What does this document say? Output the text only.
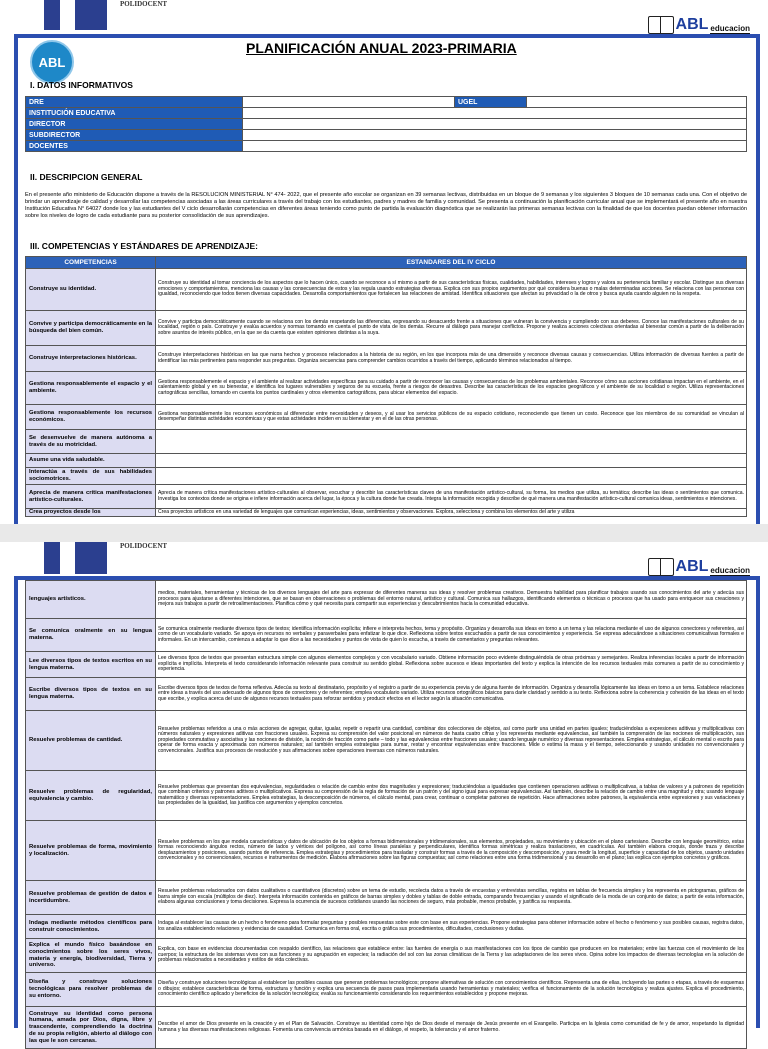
POLIDOCENT
ABL educacion
ABL
PLANIFICACIÓN ANUAL 2023-PRIMARIA
I. DATOS INFORMATIVOS
DRE		UGEL	
INSTITUCIÓN EDUCATIVA			
DIRECTOR			
SUBDIRECTOR			
DOCENTES			
II. DESCRIPCION GENERAL
En el presente año ministerio de Educación dispone a través de la RESOLUCION MINISTERIAL N° 474- 2022, que el presente año escolar se organizan en 39 semanas lectivas, distribuidas en un bloque de 9 semanas y los siguientes 3 bloques de 10 semanas cada una. Con el objetivo de brindar un aprendizaje de calidad y desarrollar las competencias asociadas a las áreas curriculares a través del trabajo con los estudiantes, padres y madres de familia y comunidad. Se presenta a continuación la planificación curricular anual que se implementará el presente año en nuestra Institución Educativa N° 64027 donde los y las estudiantes del V ciclo desarrollarán competencias en diferentes áreas teniendo como punto de partida la evaluación diagnóstica que se realizarán las primeras semanas lectivas con la finalidad de que los docentes puedan obtener información sobre los niveles de logro de cada estudiante para su posterior consolidación de sus aprendizajes.
III. COMPETENCIAS Y ESTÁNDARES DE APRENDIZAJE:
COMPETENCIAS	ESTANDARES DEL IV CICLO
Construye su identidad.	Construye su identidad al tomar conciencia de los aspectos que lo hacen único, cuando se reconoce a sí mismo a partir de sus características físicas, cualidades, habilidades, intereses y logros y valora su pertenencia familiar y escolar. Distingue sus diversas emociones y comportamientos, menciona las causas y las consecuencias de estos y las regula usando estrategias diversas. Explica con sus propios argumentos por qué considera buenas o malas determinadas acciones. Se relaciona con las personas con igualdad, reconociendo que todos tienen diversas capacidades. Desarrolla comportamientos que fortalecen las relaciones de amistad. Identifica situaciones que afectan su privacidad o la de otros y busca ayuda cuando alguien no la respeta.
Convive y participa democráticamente en la búsqueda del bien común.	Convive y participa democráticamente cuando se relaciona con los demás respetando las diferencias, expresando su desacuerdo frente a situaciones que vulneran la convivencia y cumpliendo con sus deberes. Conoce las manifestaciones culturales de su localidad, región o país. Construye y evalúa acuerdos y normas tomando en cuenta el punto de vista de los demás. Recurre al diálogo para manejar conflictos. Propone y realiza acciones colectivas orientadas al bienestar común a partir de la deliberación sobre asuntos de interés público, en la que se da cuenta que existen opiniones distintas a la suya.
Construye interpretaciones históricas.	Construye interpretaciones históricas en las que narra hechos y procesos relacionados a la historia de su región, en los que incorpora más de una dimensión y reconoce diversas causas y consecuencias. Utiliza información de diversas fuentes a partir de identificar las más pertinentes para responder sus preguntas. Organiza secuencias para comprender cambios ocurridos a través del tiempo, aplicando términos relacionados al tiempo.
Gestiona responsablemente el espacio y el ambiente.	Gestiona responsablemente el espacio y el ambiente al realizar actividades específicas para su cuidado a partir de reconocer las causas y consecuencias de los problemas ambientales. Reconoce cómo sus acciones cotidianas impactan en el ambiente, en el calentamiento global y en su bienestar, e identifica los lugares vulnerables y seguros de su escuela, frente a riesgos de desastres. Describe las características de los espacios geográficos y el ambiente de su localidad o región. Utiliza representaciones cartográficas sencillas, tomando en cuenta los puntos cardinales y otros elementos cartográficos, para ubicar elementos del espacio.
Gestiona responsablemente los recursos económicos.	Gestiona responsablemente los recursos económicos al diferenciar entre necesidades y deseos, y al usar los servicios públicos de su espacio cotidiano, reconociendo que tienen un costo. Reconoce que los miembros de su comunidad se vinculan al desempeñar distintas actividades económicas y que estas actividades inciden en su bienestar y en el de las otras personas.
Se desenvuelve de manera autónoma a través de su motricidad.	
Asume una vida saludable.	
Interactúa a través de sus habilidades sociomotrices.	
Aprecia de manera crítica manifestaciones artístico-culturales.	Aprecia de manera crítica manifestaciones artístico-culturales al observar, escuchar y describir las características claves de una manifestación artístico-cultural, su forma, los medios que utiliza, su temática; describe las ideas o sentimientos que comunica. Investiga los contextos donde se origina e infiere información acerca del lugar, la época y la cultura donde fue creada. Integra la información recogida y describe de qué manera una manifestación artístico-cultural comunica ideas, sentimientos e intenciones.
Crea proyectos desde los	Crea proyectos artísticos en una variedad de lenguajes que comunican experiencias, ideas, sentimientos y observaciones. Explora, selecciona y combina los elementos del arte y utiliza
POLIDOCENT
ABL educacion
lenguajes artísticos.	medios, materiales, herramientas y técnicas de los diversos lenguajes del arte para expresar de diferentes maneras sus ideas y resolver problemas creativos. Demuestra habilidad para planificar trabajos usando sus conocimientos del arte y adecúa sus procesos para ajustarse a diferentes intenciones, que se basan en observaciones o problemas del entorno natural, artístico y cultural. Comunica sus hallazgos, identificando elementos o técnicas o procesos que ha usado para enriquecer sus creaciones y mejora sus trabajos a partir de retroalimentaciones. Planifica cómo y qué necesita para compartir sus experiencias y descubrimientos hacia la comunidad educativa.
Se comunica oralmente en su lengua materna.	Se comunica oralmente mediante diversos tipos de textos; identifica información explícita; infiere e interpreta hechos, tema y propósito. Organiza y desarrolla sus ideas en torno a un tema y las relaciona mediante el uso de algunos conectores y referentes, así como de un vocabulario variado. Se apoya en recursos no verbales y paraverbales para enfatizar lo que dice. Reflexiona sobre textos escuchados a partir de sus conocimientos y experiencia. Se expresa adecuándose a situaciones comunicativas formales e informales. En un intercambio, comienza a adaptar lo que dice a las necesidades y puntos de vista de quien lo escucha, a través de comentarios y preguntas relevantes.
Lee diversos tipos de textos escritos en su lengua materna.	Lee diversos tipos de textos que presentan estructura simple con algunos elementos complejos y con vocabulario variado. Obtiene información poco evidente distinguiéndola de otras próximas y semejantes. Realiza inferencias locales a partir de información explícita e implícita. Interpreta el texto considerando información relevante para construir su sentido global. Reflexiona sobre sucesos e ideas importantes del texto y explica la intención de los recursos textuales más comunes a partir de su conocimiento y experiencia.
Escribe diversos tipos de textos en su lengua materna.	Escribe diversos tipos de textos de forma reflexiva. Adecúa su texto al destinatario, propósito y el registro a partir de su experiencia previa y de alguna fuente de información. Organiza y desarrolla lógicamente las ideas en torno a un tema. Establece relaciones entre ideas a través del uso adecuado de algunos tipos de conectores y de referentes; emplea vocabulario variado. Utiliza recursos ortográficos básicos para darle claridad y sentido a su texto. Reflexiona sobre la coherencia y cohesión de las ideas en el texto que escribe, y explica acerca del uso de algunos recursos textuales para reforzar sentidos y producir efectos en el lector según la situación comunicativa.
Resuelve problemas de cantidad.	Resuelve problemas referidos a una o más acciones de agregar, quitar, igualar, repetir o repartir una cantidad, combinar dos colecciones de objetos, así como partir una unidad en partes iguales; traduciéndolas a expresiones aditivas y multiplicativas con números naturales y expresiones aditivas con fracciones usuales. Expresa su comprensión del valor posicional en números de hasta cuatro cifras y los representa mediante equivalencias, así también la comprensión de las nociones de multiplicación, sus propiedades conmutativa y asociativa y las nociones de división, la noción de fracción como parte – todo y las equivalencias entre fracciones usuales; usando lenguaje numérico y diversas representaciones. Emplea estrategias, el cálculo mental o escrito para operar de forma exacta y aproximada con números naturales; así también emplea estrategias para sumar, restar y encontrar equivalencias entre fracciones. Mide o estima la masa y el tiempo, seleccionando y usando unidades no convencionales y convencionales. Justifica sus procesos de resolución y sus afirmaciones sobre operaciones inversas con números naturales.
Resuelve problemas de regularidad, equivalencia y cambio.	Resuelve problemas que presentan dos equivalencias, regularidades o relación de cambio entre dos magnitudes y expresiones; traduciéndolas a igualdades que contienen operaciones aditivas o multiplicativas, a tablas de valores y a patrones de repetición que combinan criterios y patrones aditivos o multiplicativos. Expresa su comprensión de la regla de formación de un patrón y del signo igual para expresar equivalencias. Así también, describe la relación de cambio entre una magnitud y otra; usando lenguaje matemático y diversas representaciones. Emplea estrategias, la descomposición de números, el cálculo mental, para crear, continuar o completar patrones de repetición. Hace afirmaciones sobre patrones, la equivalencia entre expresiones y sus variaciones y las propiedades de la igualdad, las justifica con argumentos y ejemplos concretos.
Resuelve problemas de forma, movimiento y localización.	Resuelve problemas en los que modela características y datos de ubicación de los objetos a formas bidimensionales y tridimensionales, sus elementos, propiedades, su movimiento y ubicación en el plano cartesiano. Describe con lenguaje geométrico, estas formas reconociendo ángulos rectos, número de lados y vértices del polígono, así como líneas paralelas y perpendiculares, identifica formas simétricas y realiza traslaciones, en cuadrículas. Así también elabora croquis, donde traza y describe desplazamientos y posiciones, usando puntos de referencia. Emplea estrategias y procedimientos para trasladar y construir formas a través de la composición y descomposición, y para medir la longitud, superficie y capacidad de los objetos, usando unidades convencionales y no convencionales, recursos e instrumentos de medición. Elabora afirmaciones sobre las figuras compuestas; así como relaciones entre una forma tridimensional y su desarrollo en el plano; las explica con ejemplos concretos y gráficos.
Resuelve problemas de gestión de datos e incertidumbre.	Resuelve problemas relacionados con datos cualitativos o cuantitativos (discretos) sobre un tema de estudio, recolecta datos a través de encuestas y entrevistas sencillas, registra en tablas de frecuencia simples y los representa en pictogramas, gráficos de barra simple con escala (múltiplos de diez). Interpreta información contenida en gráficos de barras simples y dobles y tablas de doble entrada, comparando frecuencias y usando el significado de la moda de un conjunto de datos; a partir de esta información, elabora algunas conclusiones y toma decisiones. Expresa la ocurrencia de sucesos cotidianos usando las nociones de seguro, más probable, menos probable, y justifica su respuesta.
Indaga mediante métodos científicos para construir conocimientos.	Indaga al establecer las causas de un hecho o fenómeno para formular preguntas y posibles respuestas sobre este con base en sus experiencias. Propone estrategias para obtener información sobre el hecho o fenómeno y sus posibles causas, registra datos, los analiza estableciendo relaciones y evidencias de causalidad. Comunica en forma oral, escrita o gráfica sus procedimientos, dificultades, conclusiones y dudas.
Explica el mundo físico basándose en conocimientos sobre los seres vivos, materia y energía, biodiversidad, Tierra y universo.	Explica, con base en evidencias documentadas con respaldo científico, las relaciones que establece entre: las fuentes de energía o sus manifestaciones con los tipos de cambio que producen en los materiales; entre las fuerzas con el movimiento de los cuerpos; la estructura de los sistemas vivos con sus funciones y su agrupación en especies; la radiación del sol con las zonas climáticas de la Tierra y las adaptaciones de los seres vivos. Opina sobre los impactos de diversas tecnologías en la solución de problemas relacionados a necesidades y estilos de vida colectivas.
Diseña y construye soluciones tecnológicas para resolver problemas de su entorno.	Diseña y construye soluciones tecnológicas al establecer las posibles causas que generan problemas tecnológicos; propone alternativas de solución con conocimientos científicos. Representa una de ellas, incluyendo las partes o etapas, a través de esquemas o dibujos; establece características de forma, estructura y función y explica una secuencia de pasos para implementarla usando herramientas y materiales; verifica el funcionamiento de la solución tecnológica y realiza ajustes. Explica el procedimiento, conocimiento científico aplicado y beneficios de la solución tecnológica; evalúa su funcionamiento considerando los requerimientos establecidos y propone mejoras.
Construye su identidad como persona humana, amada por Dios, digna, libre y trascendente, comprendiendo la doctrina de su propia religión, abierto al diálogo con las que le son cercanas.	Describe el amor de Dios presente en la creación y en el Plan de Salvación. Construye su identidad como hijo de Dios desde el mensaje de Jesús presente en el Evangelio. Participa en la Iglesia como comunidad de fe y de amor, respetando la dignidad humana y las diversas manifestaciones religiosas. Fomenta una convivencia armónica basada en el diálogo, el respeto, la tolerancia y el amor fraterno.
